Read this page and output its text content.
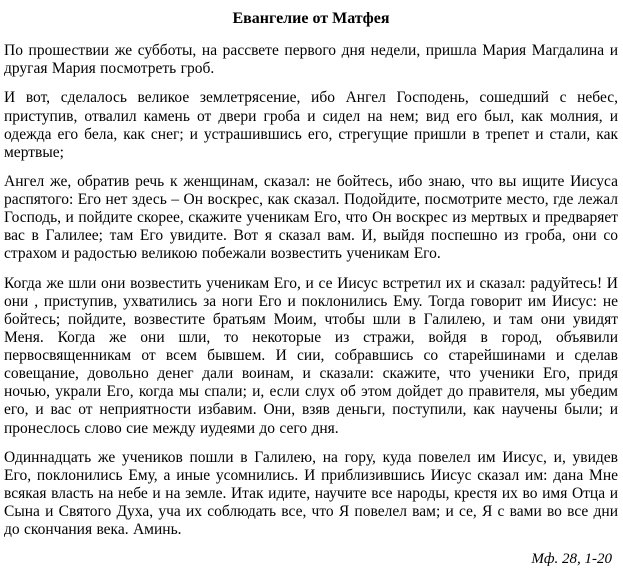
Евангелие от Матфея

По прошествии же субботы, на рассвете первого дня недели, пришла Мария Магдалина и другая Мария посмотреть гроб.

И вот, сделалось великое землетрясение, ибо Ангел Господень, сошедший с небес, приступив, отвалил камень от двери гроба и сидел на нем; вид его был, как молния, и одежда его бела, как снег; и устрашившись его, стрегущие пришли в трепет и стали, как мертвые;

Ангел же, обратив речь к женщинам, сказал: не бойтесь, ибо знаю, что вы ищите Иисуса распятого: Его нет здесь – Он воскрес, как сказал. Подойдите, посмотрите место, где лежал Господь, и пойдите скорее, скажите ученикам Его, что Он воскрес из мертвых и предваряет вас в Галилее; там Его увидите. Вот я сказал вам. И, выйдя поспешно из гроба, они со страхом и радостью великою побежали возвестить ученикам Его.

Когда же шли они возвестить ученикам Его, и се Иисус встретил их и сказал: радуйтесь! И они , приступив, ухватились за ноги Его и поклонились Ему. Тогда говорит им Иисус: не бойтесь; пойдите, возвестите братьям Моим, чтобы шли в Галилею, и там они увидят Меня. Когда же они шли, то некоторые из стражи, войдя в город, объявили первосвященникам от всем бывшем. И сии, собравшись со старейшинами и сделав совещание, довольно денег дали воинам, и сказали: скажите, что ученики Его, придя ночью, украли Его, когда мы спали; и, если слух об этом дойдет до правителя, мы убедим его, и вас от неприятности избавим. Они, взяв деньги, поступили, как научены были; и пронеслось слово сие между иудеями до сего дня.

Одиннадцать же учеников пошли в Галилею, на гору, куда повелел им Иисус, и, увидев Его, поклонились Ему, а иные усомнились. И приблизившись Иисус сказал им: дана Мне всякая власть на небе и на земле. Итак идите, научите все народы, крестя их во имя Отца и Сына и Святого Духа, уча их соблюдать все, что Я повелел вам; и се, Я с вами во все дни до скончания века. Аминь.

Мф. 28, 1-20
